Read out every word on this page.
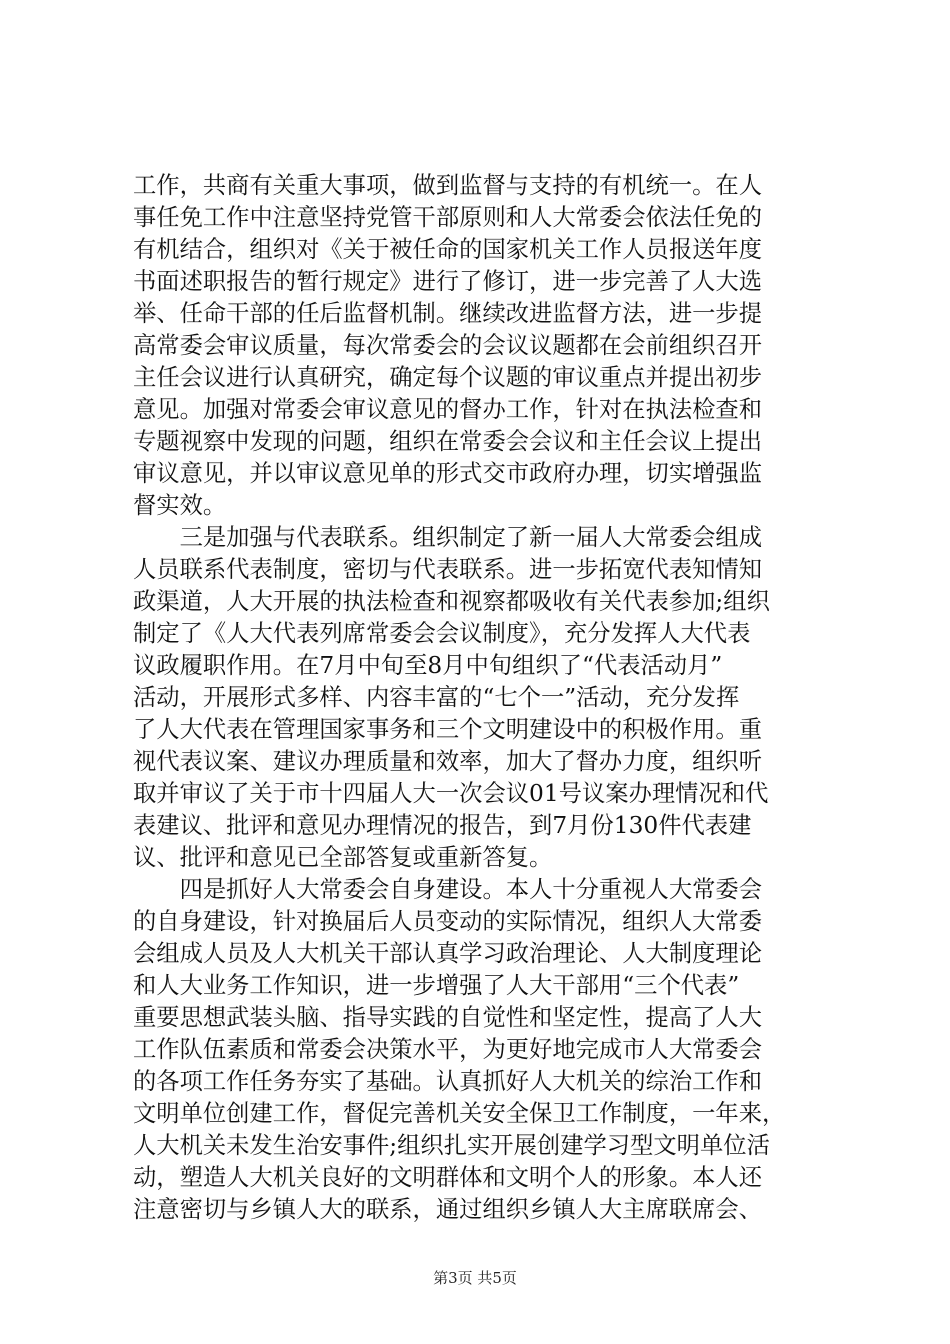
工作，共商有关重大事项，做到监督与支持的有机统一。在人
事任免工作中注意坚持党管干部原则和人大常委会依法任免的
有机结合，组织对《关于被任命的国家机关工作人员报送年度
书面述职报告的暂行规定》进行了修订，进一步完善了人大选
举、任命干部的任后监督机制。继续改进监督方法，进一步提
高常委会审议质量，每次常委会的会议议题都在会前组织召开
主任会议进行认真研究，确定每个议题的审议重点并提出初步
意见。加强对常委会审议意见的督办工作，针对在执法检查和
专题视察中发现的问题，组织在常委会会议和主任会议上提出
审议意见，并以审议意见单的形式交市政府办理，切实增强监
督实效。
　　三是加强与代表联系。组织制定了新一届人大常委会组成
人员联系代表制度，密切与代表联系。进一步拓宽代表知情知
政渠道，人大开展的执法检查和视察都吸收有关代表参加;组织
制定了《人大代表列席常委会会议制度》，充分发挥人大代表
议政履职作用。在7月中旬至8月中旬组织了“代表活动月”
活动，开展形式多样、内容丰富的“七个一”活动，充分发挥
了人大代表在管理国家事务和三个文明建设中的积极作用。重
视代表议案、建议办理质量和效率，加大了督办力度，组织听
取并审议了关于市十四届人大一次会议01号议案办理情况和代
表建议、批评和意见办理情况的报告，到7月份130件代表建
议、批评和意见已全部答复或重新答复。
　　四是抓好人大常委会自身建设。本人十分重视人大常委会
的自身建设，针对换届后人员变动的实际情况，组织人大常委
会组成人员及人大机关干部认真学习政治理论、人大制度理论
和人大业务工作知识，进一步增强了人大干部用“三个代表”
重要思想武装头脑、指导实践的自觉性和坚定性，提高了人大
工作队伍素质和常委会决策水平，为更好地完成市人大常委会
的各项工作任务夯实了基础。认真抓好人大机关的综治工作和
文明单位创建工作，督促完善机关安全保卫工作制度，一年来，
人大机关未发生治安事件;组织扎实开展创建学习型文明单位活
动，塑造人大机关良好的文明群体和文明个人的形象。本人还
注意密切与乡镇人大的联系，通过组织乡镇人大主席联席会、
第3页 共5页
